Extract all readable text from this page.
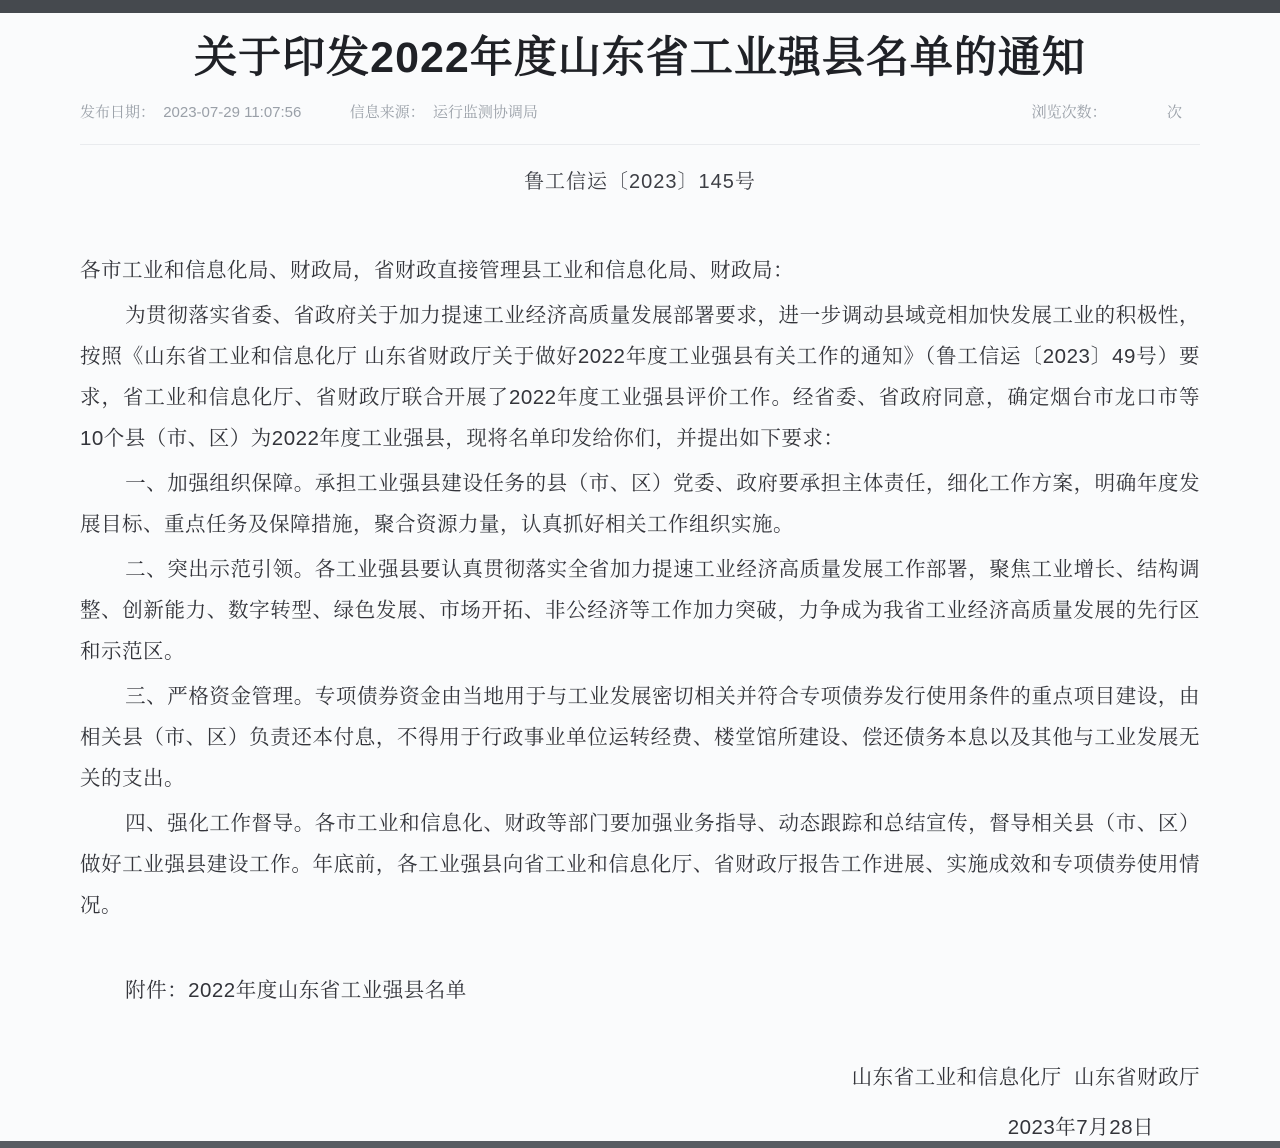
关于印发2022年度山东省工业强县名单的通知
发布日期： 2023-07-29 11:07:56	信息来源： 运行监测协调局	浏览次数：	次
鲁工信运〔2023〕145号

各市工业和信息化局、财政局，省财政直接管理县工业和信息化局、财政局：

为贯彻落实省委、省政府关于加力提速工业经济高质量发展部署要求，进一步调动县域竞相加快发展工业的积极性，按照《山东省工业和信息化厅 山东省财政厅关于做好2022年度工业强县有关工作的通知》（鲁工信运〔2023〕49号）要求，省工业和信息化厅、省财政厅联合开展了2022年度工业强县评价工作。经省委、省政府同意，确定烟台市龙口市等10个县（市、区）为2022年度工业强县，现将名单印发给你们，并提出如下要求：

一、加强组织保障。承担工业强县建设任务的县（市、区）党委、政府要承担主体责任，细化工作方案，明确年度发展目标、重点任务及保障措施，聚合资源力量，认真抓好相关工作组织实施。

二、突出示范引领。各工业强县要认真贯彻落实全省加力提速工业经济高质量发展工作部署，聚焦工业增长、结构调整、创新能力、数字转型、绿色发展、市场开拓、非公经济等工作加力突破，力争成为我省工业经济高质量发展的先行区和示范区。

三、严格资金管理。专项债券资金由当地用于与工业发展密切相关并符合专项债券发行使用条件的重点项目建设，由相关县（市、区）负责还本付息，不得用于行政事业单位运转经费、楼堂馆所建设、偿还债务本息以及其他与工业发展无关的支出。

四、强化工作督导。各市工业和信息化、财政等部门要加强业务指导、动态跟踪和总结宣传，督导相关县（市、区）做好工业强县建设工作。年底前，各工业强县向省工业和信息化厅、省财政厅报告工作进展、实施成效和专项债券使用情况。

附件：2022年度山东省工业强县名单

山东省工业和信息化厅  山东省财政厅
2023年7月28日
